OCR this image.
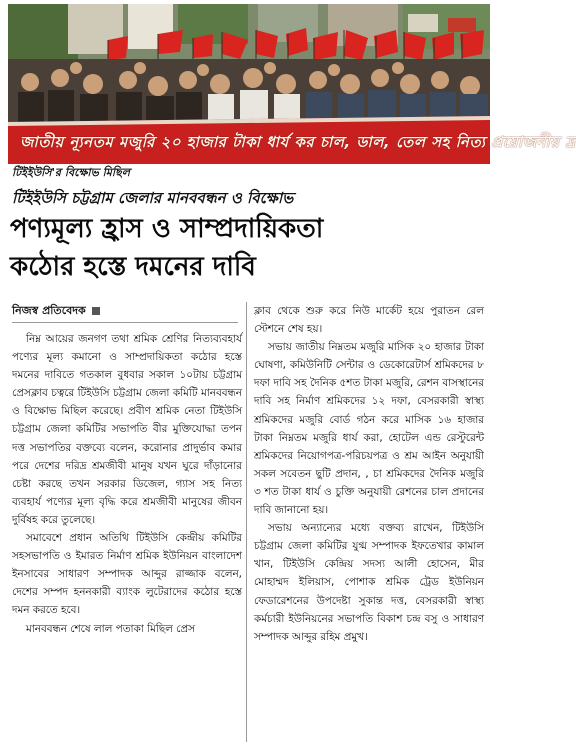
জাতীয় ন্যূনতম মজুরি ২০ হাজার টাকা ধার্য কর চাল, ডাল, তেল সহ নিত্য প্রয়োজনীয় দ্র
টিইইউসি'র বিক্ষোভ মিছিল
টিইইউসি চট্টগ্রাম জেলার মানববন্ধন ও বিক্ষোভ
পণ্যমূল্য হ্রাস ও সাম্প্রদায়িকতা
কঠোর হস্তে দমনের দাবি
নিজস্ব প্রতিবেদক

নিম্ন আয়ের জনগণ তথা শ্রমিক শ্রেণির নিত্যব্যবহার্য পণ্যের মূল্য কমানো ও সাম্প্রদায়িকতা কঠোর হস্তে দমনের দাবিতে গতকাল বুধবার সকাল ১০টায় চট্টগ্রাম প্রেসক্লাব চত্বরে টিইউসি চট্টগ্রাম জেলা কমিটি মানববন্ধন ও বিক্ষোভ মিছিল করেছে। প্রবীণ শ্রমিক নেতা টিইউসি চট্টগ্রাম জেলা কমিটির সভাপতি বীর মুক্তিযোদ্ধা তপন দত্ত সভাপতির বক্তব্যে বলেন, করোনার প্রাদুর্ভাব কমার পরে দেশের দরিদ্র শ্রমজীবী মানুষ যখন ঘুরে দাঁড়ানোর চেষ্টা করছে তখন সরকার ডিজেল, গ্যাস সহ নিত্য ব্যবহার্য পণ্যের মূল্য বৃদ্ধি করে শ্রমজীবী মানুষের জীবন দুর্বিষহ করে তুলেছে।

সমাবেশে প্রধান অতিথি টিইউসি কেন্দ্রীয় কমিটির সহসভাপতি ও ইমারত নির্মাণ শ্রমিক ইউনিয়ন বাংলাদেশ ইনসাবের সাধারণ সম্পাদক আব্দুর রাজ্জাক বলেন, দেশের সম্পদ হননকারী ব্যাংক লুটেরাদের কঠোর হস্তে দমন করতে হবে।

মানববন্ধন শেষে লাল পতাকা মিছিল প্রেস

ক্লাব থেকে শুরু করে নিউ মার্কেট হয়ে পুরাতন রেল স্টেশনে শেষ হয়।

সভায় জাতীয় নিম্নতম মজুরি মাসিক ২০ হাজার টাকা ঘোষণা, কমিউনিটি সেন্টার ও ডেকোরেটার্স শ্রমিকদের ৮ দফা দাবি সহ দৈনিক ৫শত টাকা মজুরি, রেশন বাসস্থানের দাবি সহ নির্মাণ শ্রমিকদের ১২ দফা, বেসরকারী স্বাস্থ্য শ্রমিকদের মজুরি বোর্ড গঠন করে মাসিক ১৬ হাজার টাকা নিম্নতম মজুরি ধার্য করা, হোটেল এন্ড রেস্টুরেন্ট শ্রমিকদের নিয়োগপত্র-পরিচয়পত্র ও শ্রম আইন অনুযায়ী সকল সবেতন ছুটি প্রদান, , চা শ্রমিকদের দৈনিক মজুরি ৩ শত টাকা ধার্য ও চুক্তি অনুযায়ী রেশনের চাল প্রদানের দাবি জানানো হয়।

সভায় অন্যান্যের মধ্যে বক্তব্য রাখেন, টিইউসি চট্টগ্রাম জেলা কমিটির যুগ্ম সম্পাদক ইফতেখার কামাল খান, টিইউসি কেন্দ্রিয় সদস্য আলী হোসেন, মীর মোহাম্মদ ইলিয়াস, পোশাক শ্রমিক ট্রেড ইউনিয়ন ফেডারেশনের উপদেষ্টা সুকান্ত দত্ত, বেসরকারী স্বাস্থ্য কর্মচারী ইউনিয়নের সভাপতি বিকাশ চন্দ্র বসু ও সাধারণ সম্পাদক আব্দুর রহিম প্রমুখ।
